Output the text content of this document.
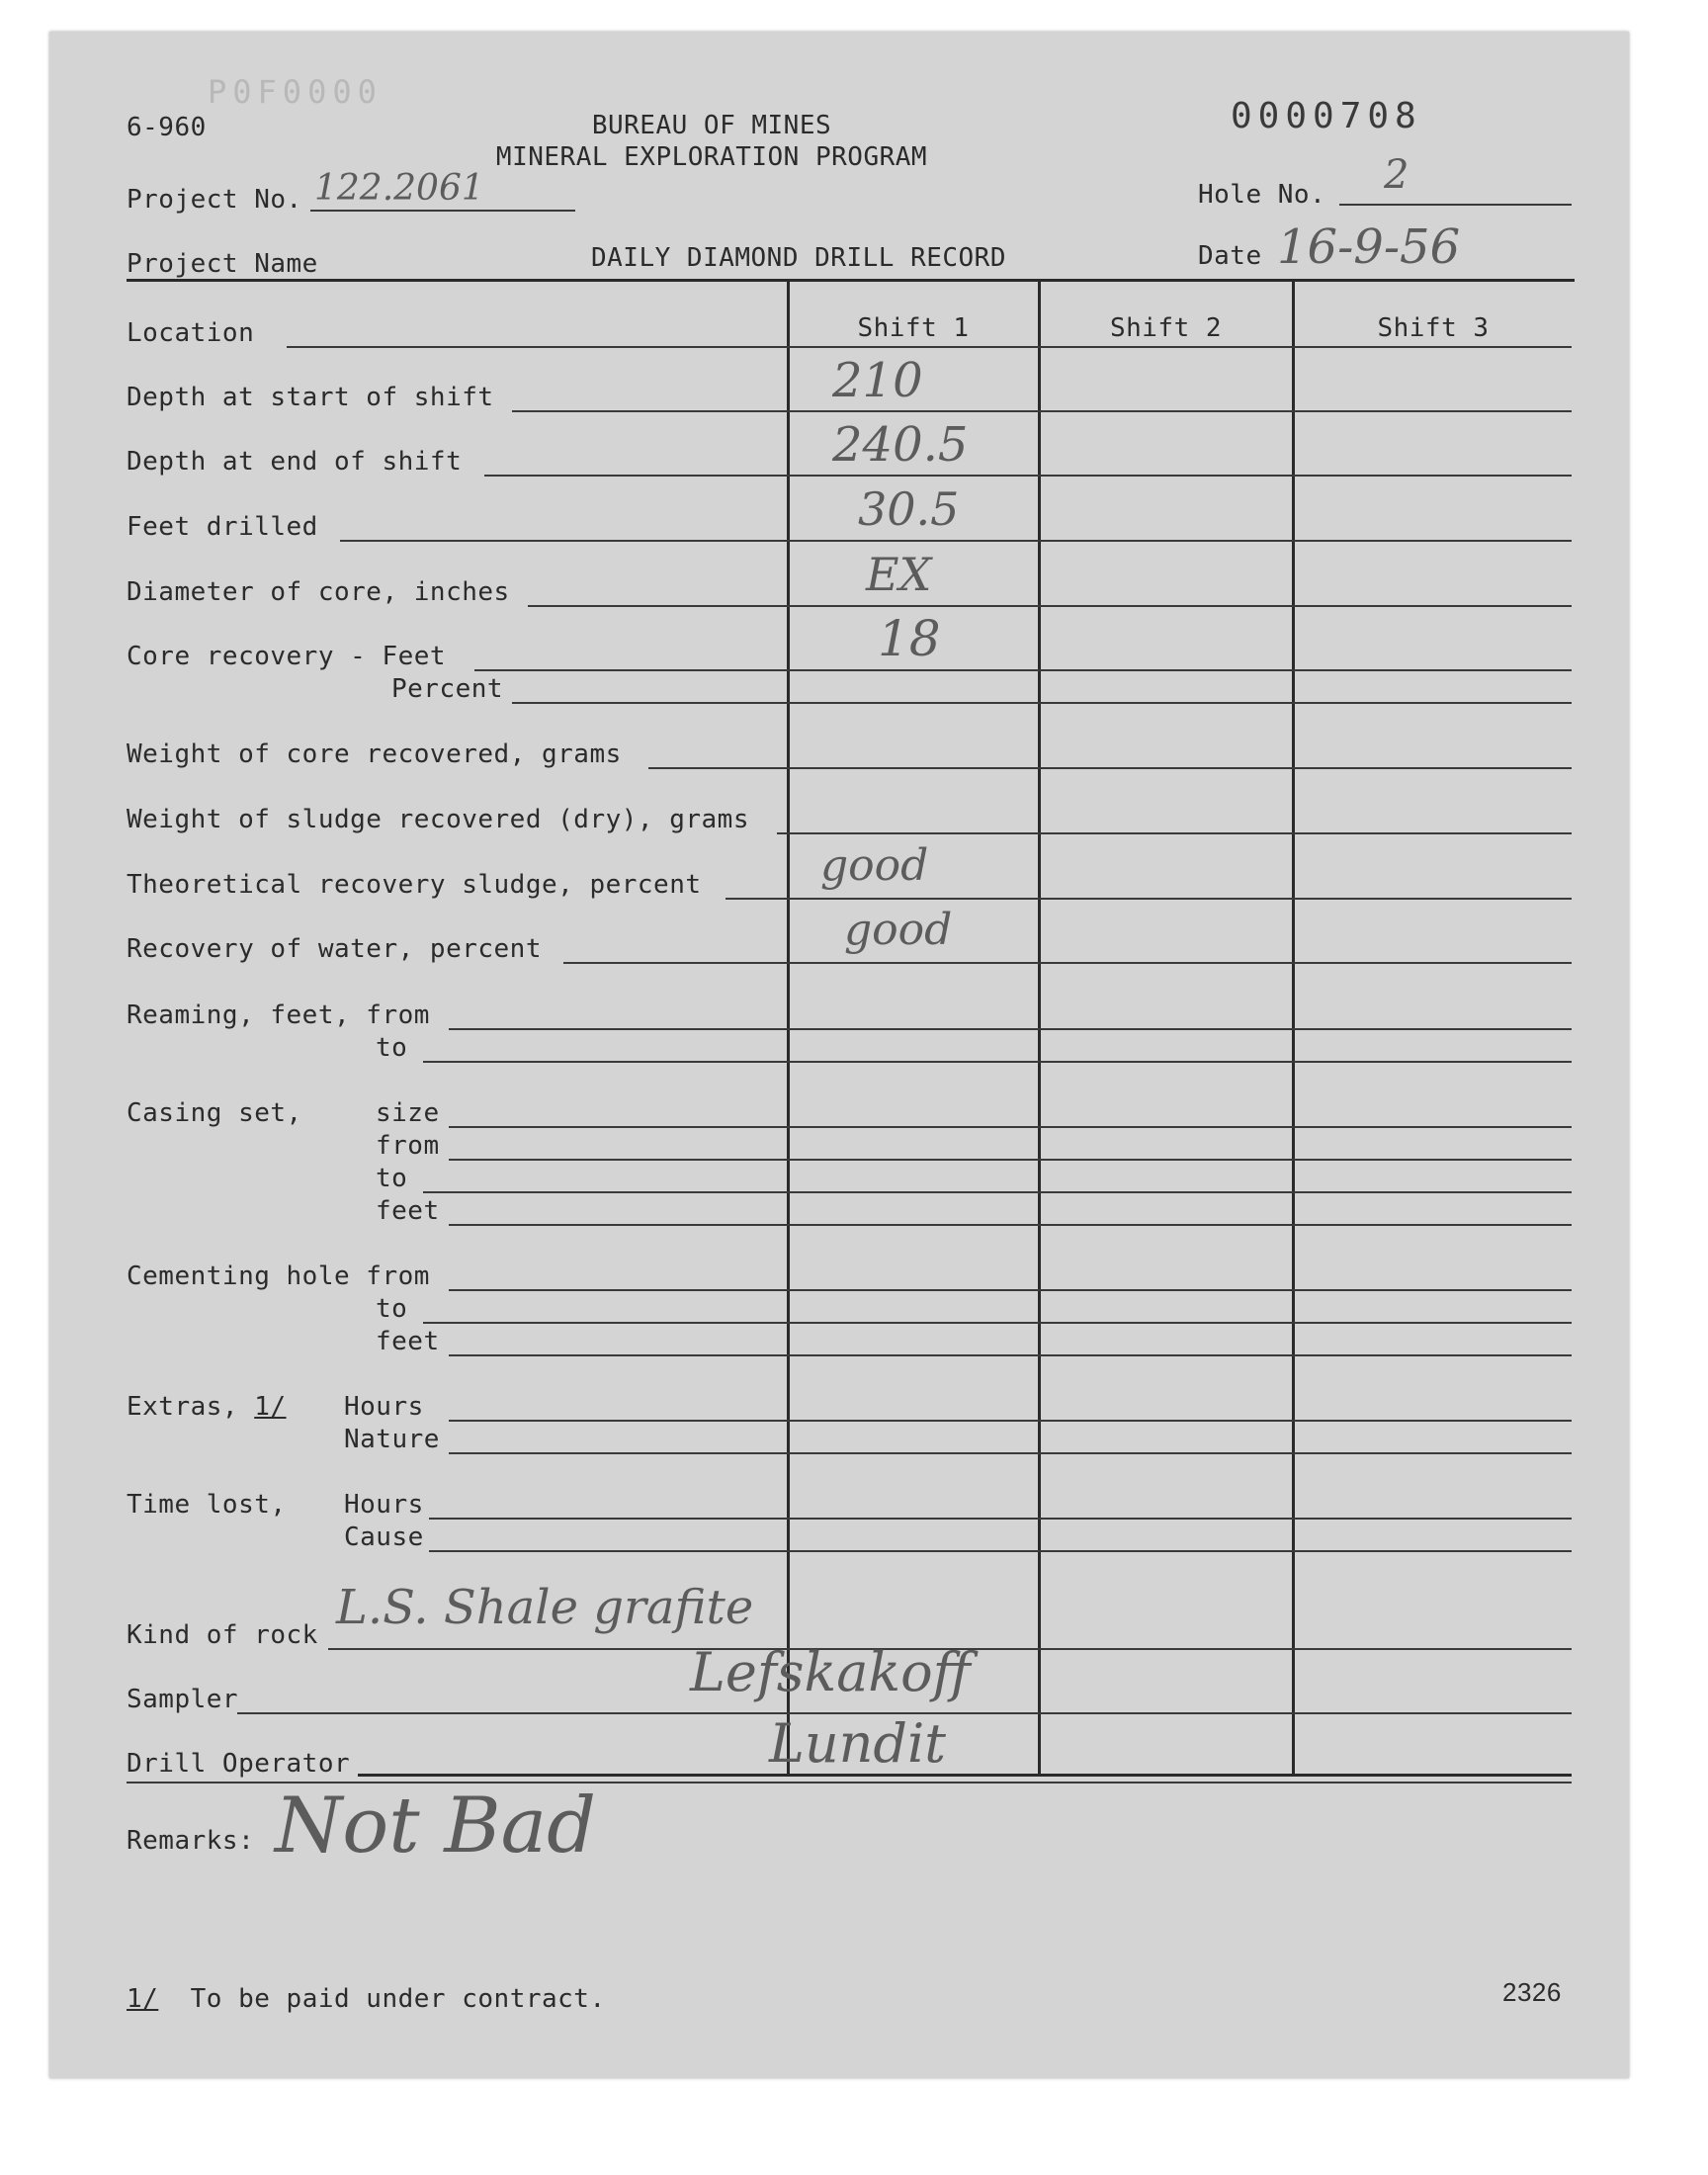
6-960
P0F0000
BUREAU OF MINES
MINERAL EXPLORATION PROGRAM
0000708
Project No. 122.2061	Hole No. 2
Project Name	DAILY DIAMOND DRILL RECORD	Date 16-9-56
Shift 1	Shift 2	Shift 3
Location
Depth at start of shift	210
Depth at end of shift	240.5
Feet drilled	30.5
Diameter of core, inches	EX
Core recovery - Feet	18
Percent
Weight of core recovered, grams
Weight of sludge recovered (dry), grams
Theoretical recovery sludge, percent	good
Recovery of water, percent	good
Reaming, feet, from
to
Casing set,	size
from
to
feet
Cementing hole from
to
feet
Extras, 1/ Hours
Nature
Time lost, Hours
Cause
Kind of rock L.S. Shale grafite
Sampler	Lefskakoff
Drill Operator	Lundit
Remarks: Not Bad
1/ To be paid under contract.	2326
